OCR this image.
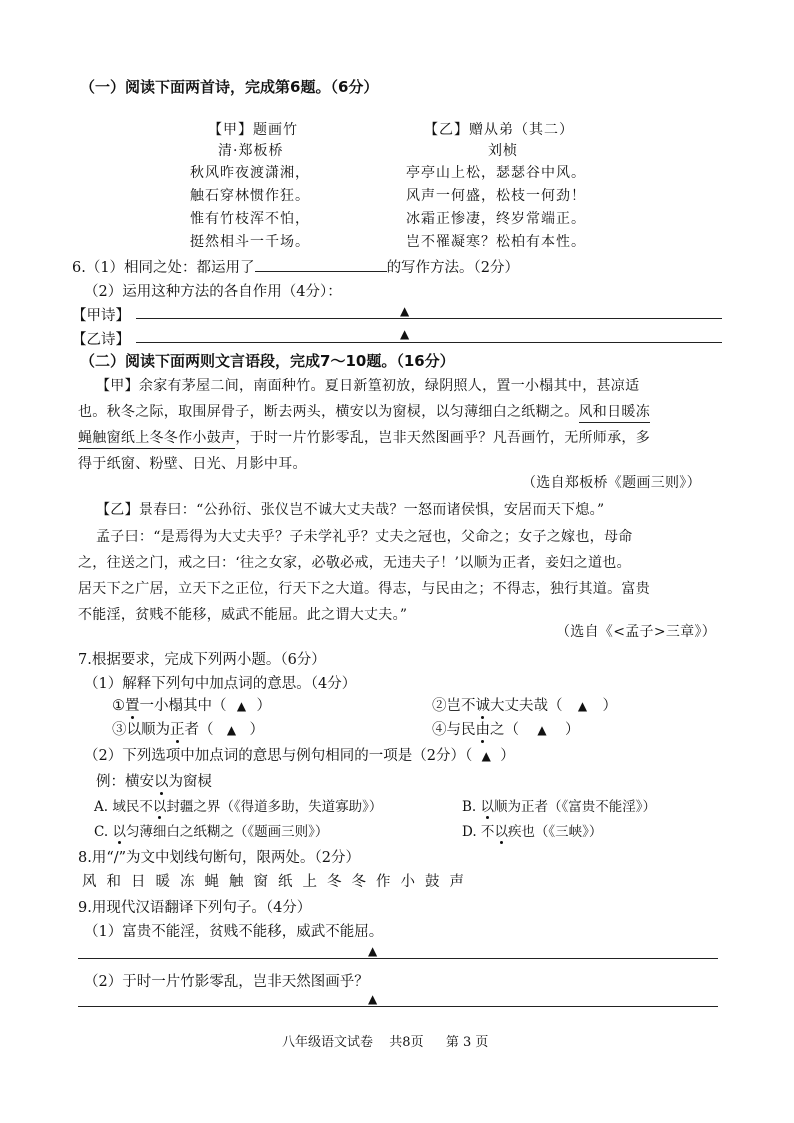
（一）阅读下面两首诗，完成第6题。（6分）
【甲】题画竹
清·郑板桥
秋风昨夜渡潇湘，
触石穿林惯作狂。
惟有竹枝浑不怕，
挺然相斗一千场。
【乙】赠从弟（其二）
刘桢
亭亭山上松，瑟瑟谷中风。
风声一何盛，松枝一何劲！
冰霜正惨凄，终岁常端正。
岂不罹凝寒？松柏有本性。
6.（1）相同之处：都运用了	的写作方法。（2分）
（2）运用这种方法的各自作用（4分）：
【甲诗】	▲
【乙诗】	▲
（二）阅读下面两则文言语段，完成7～10题。（16分）
【甲】余家有茅屋二间，南面种竹。夏日新篁初放，绿阴照人，置一小榻其中，甚凉适
也。秋冬之际，取围屏骨子，断去两头，横安以为窗棂，以匀薄细白之纸糊之。风和日暖冻
蝇触窗纸上冬冬作小鼓声，于时一片竹影零乱，岂非天然图画乎？凡吾画竹，无所师承，多
得于纸窗、粉壁、日光、月影中耳。
（选自郑板桥《题画三则》）
【乙】景春曰：“公孙衍、张仪岂不诚大丈夫哉？一怒而诸侯惧，安居而天下熄。”
孟子曰：“是焉得为大丈夫乎？子未学礼乎？丈夫之冠也，父命之；女子之嫁也，母命
之，往送之门，戒之曰：‘往之女家，必敬必戒，无违夫子！’以顺为正者，妾妇之道也。
居天下之广居，立天下之正位，行天下之大道。得志，与民由之；不得志，独行其道。富贵
不能淫，贫贱不能移，威武不能屈。此之谓大丈夫。”
（选自《<孟子>三章》）
7.根据要求，完成下列两小题。（6分）
（1）解释下列句中加点词的意思。（4分）
①置一小榻其中（ ▲ ）	②岂不诚大丈夫哉（ ▲ ）
③以顺为正者（ ▲ ）	④与民由之（ ▲ ）
（2）下列选项中加点词的意思与例句相同的一项是（2分）（ ▲ ）
例：横安以为窗棂
A. 域民不以封疆之界（《得道多助，失道寡助》）	B. 以顺为正者（《富贵不能淫》）
C. 以匀薄细白之纸糊之（《题画三则》）	D. 不以疾也（《三峡》）
8.用“/”为文中划线句断句，限两处。（2分）
风 和 日 暖 冻 蝇 触 窗 纸 上 冬 冬 作 小 鼓 声
9.用现代汉语翻译下列句子。（4分）
（1）富贵不能淫，贫贱不能移，威武不能屈。
▲
（2）于时一片竹影零乱，岂非天然图画乎？
▲
八年级语文试卷 共8页 第 3 页
